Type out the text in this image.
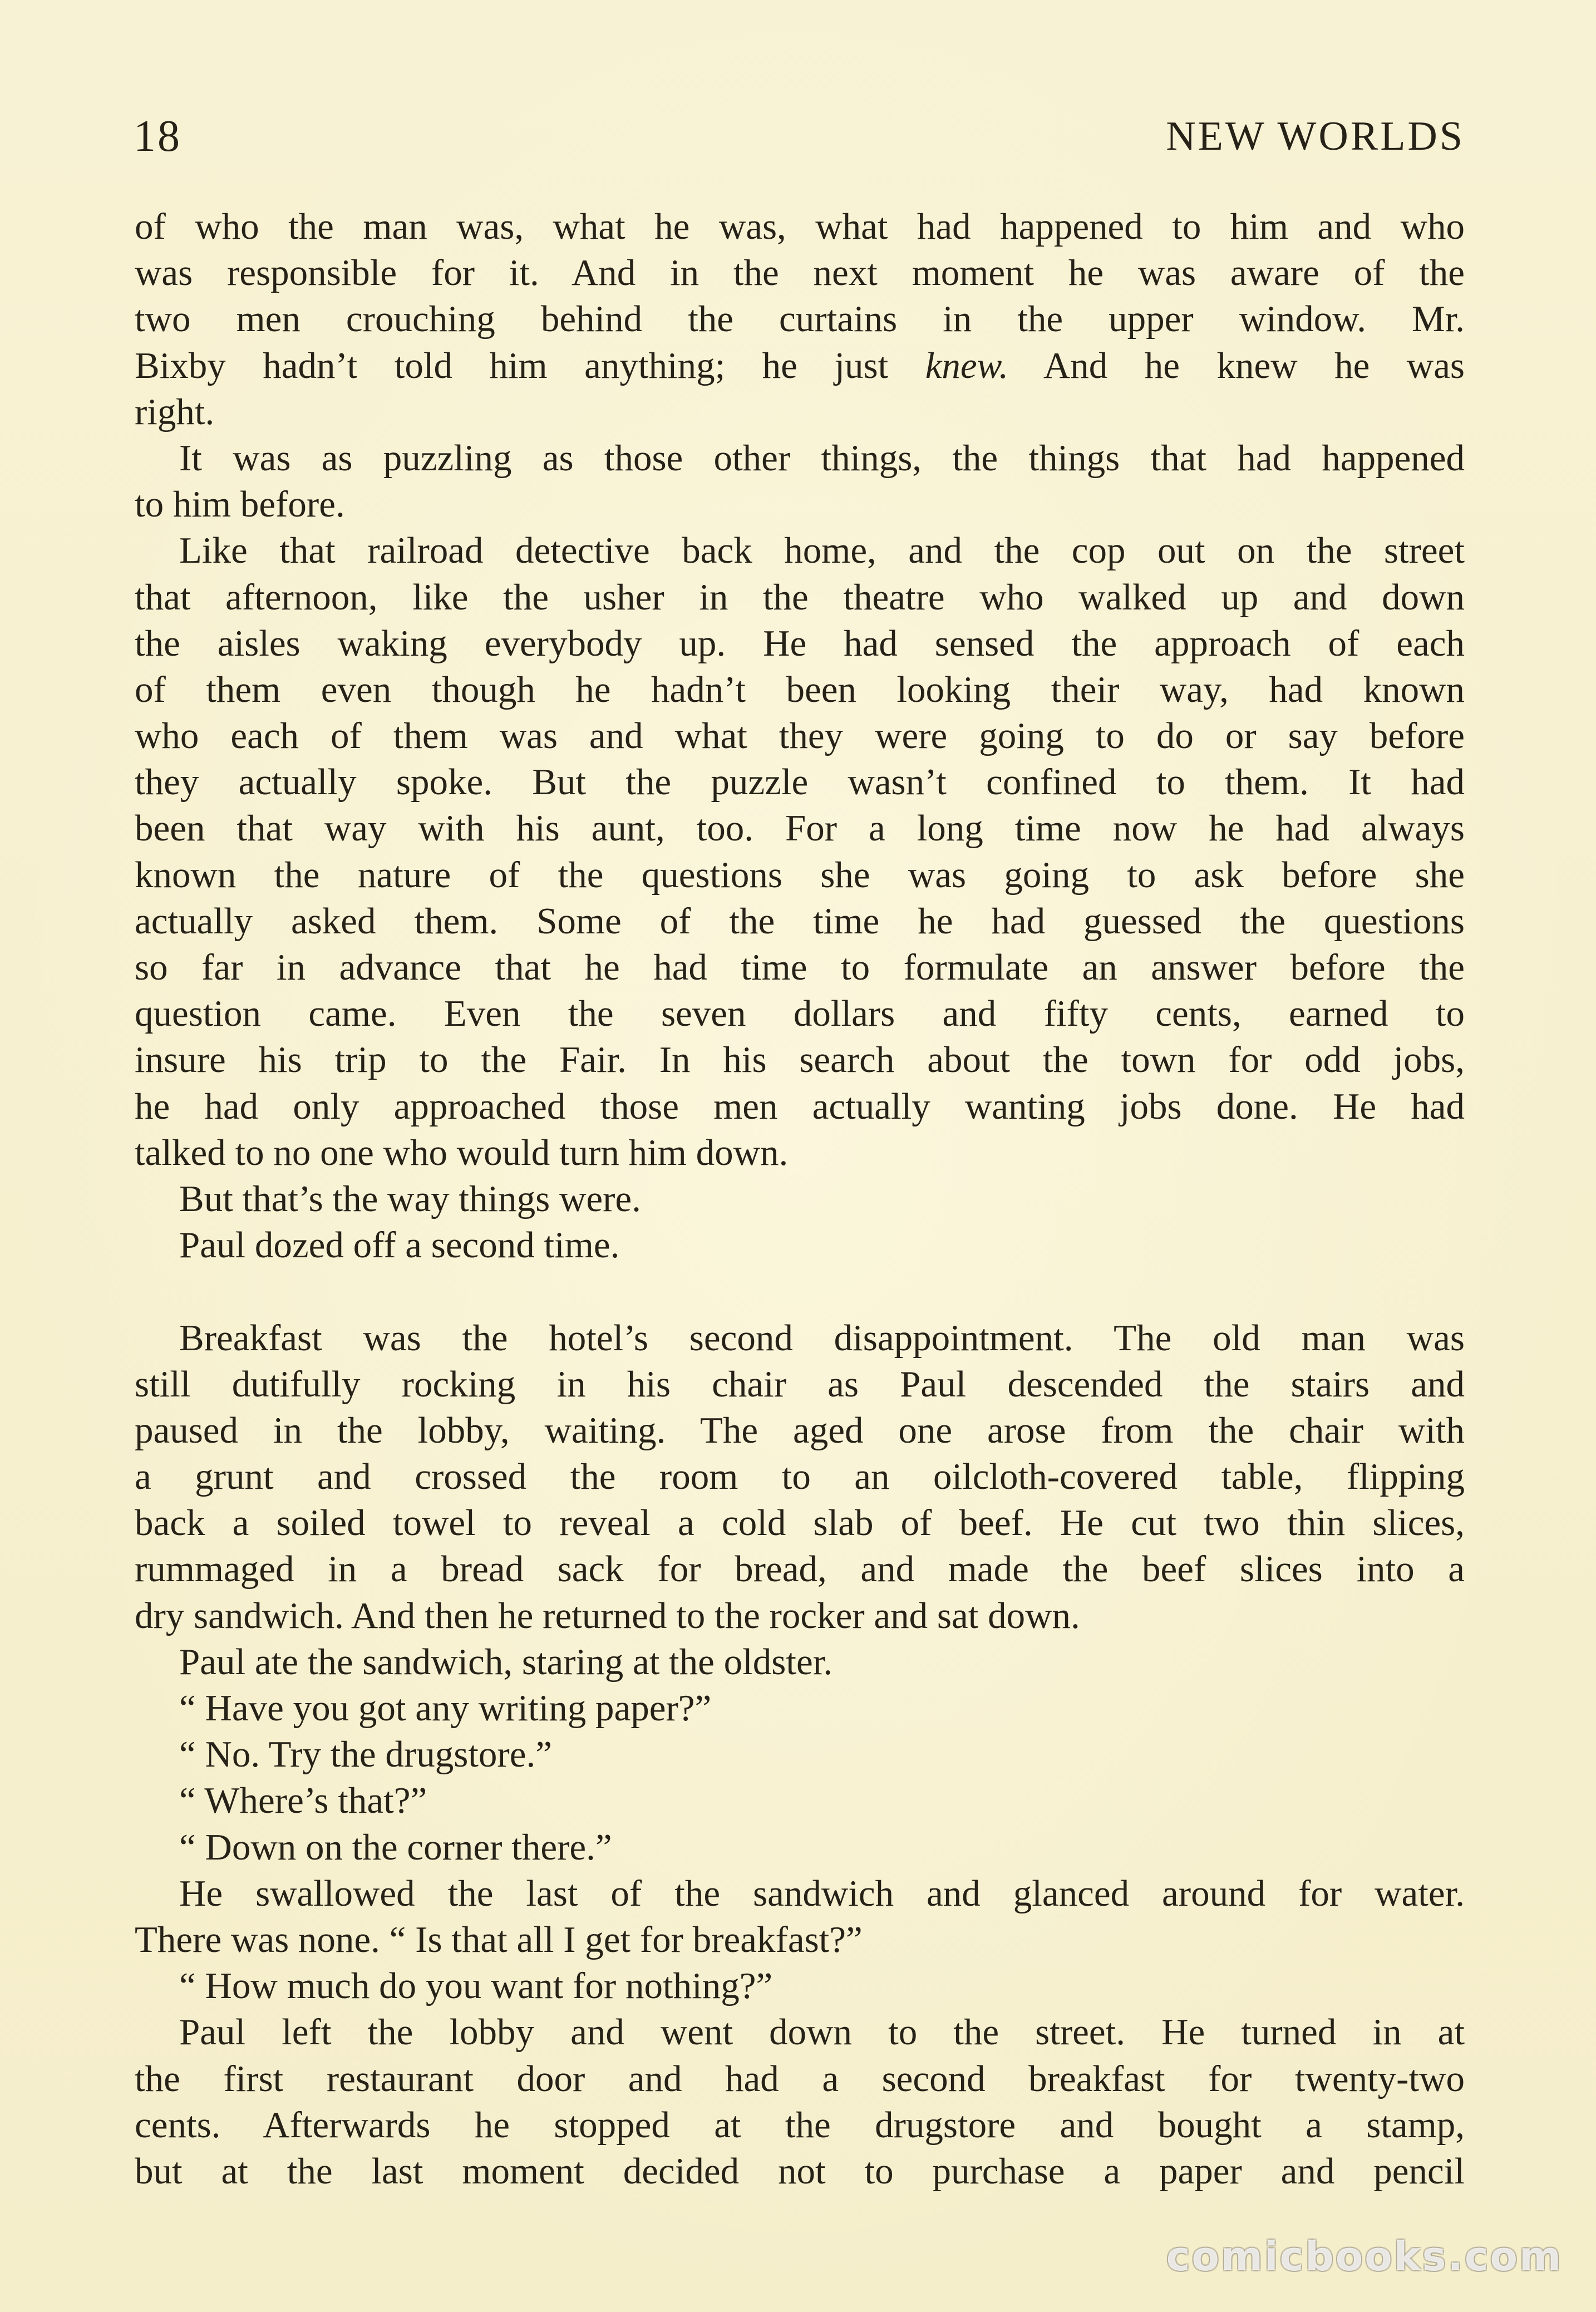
18	NEW WORLDS
of who the man was, what he was, what had happened to him and who
was responsible for it. And in the next moment he was aware of the
two men crouching behind the curtains in the upper window. Mr.
Bixby hadn’t told him anything; he just knew. And he knew he was
right.
It was as puzzling as those other things, the things that had happened
to him before.
Like that railroad detective back home, and the cop out on the street
that afternoon, like the usher in the theatre who walked up and down
the aisles waking everybody up. He had sensed the approach of each
of them even though he hadn’t been looking their way, had known
who each of them was and what they were going to do or say before
they actually spoke. But the puzzle wasn’t confined to them. It had
been that way with his aunt, too. For a long time now he had always
known the nature of the questions she was going to ask before she
actually asked them. Some of the time he had guessed the questions
so far in advance that he had time to formulate an answer before the
question came. Even the seven dollars and fifty cents, earned to
insure his trip to the Fair. In his search about the town for odd jobs,
he had only approached those men actually wanting jobs done. He had
talked to no one who would turn him down.
But that’s the way things were.
Paul dozed off a second time.
Breakfast was the hotel’s second disappointment. The old man was
still dutifully rocking in his chair as Paul descended the stairs and
paused in the lobby, waiting. The aged one arose from the chair with
a grunt and crossed the room to an oilcloth-covered table, flipping
back a soiled towel to reveal a cold slab of beef. He cut two thin slices,
rummaged in a bread sack for bread, and made the beef slices into a
dry sandwich. And then he returned to the rocker and sat down.
Paul ate the sandwich, staring at the oldster.
“ Have you got any writing paper?”
“ No. Try the drugstore.”
“ Where’s that?”
“ Down on the corner there.”
He swallowed the last of the sandwich and glanced around for water.
There was none. “ Is that all I get for breakfast?”
“ How much do you want for nothing?”
Paul left the lobby and went down to the street. He turned in at
the first restaurant door and had a second breakfast for twenty-two
cents. Afterwards he stopped at the drugstore and bought a stamp,
but at the last moment decided not to purchase a paper and pencil
comicbooks.com
